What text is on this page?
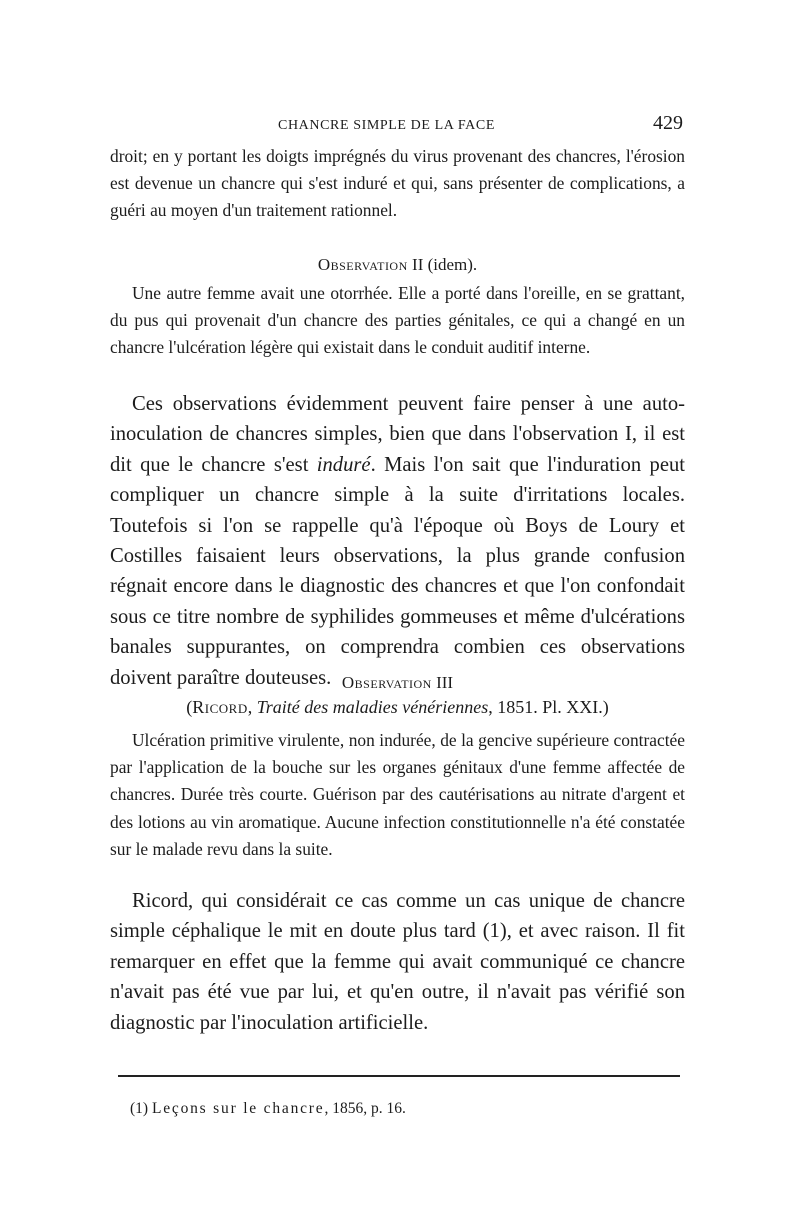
CHANCRE SIMPLE DE LA FACE	429

droit; en y portant les doigts imprégnés du virus provenant des chancres, l'érosion est devenue un chancre qui s'est induré et qui, sans présenter de complications, a guéri au moyen d'un traitement rationnel.

Observation II (idem).

Une autre femme avait une otorrhée. Elle a porté dans l'oreille, en se grattant, du pus qui provenait d'un chancre des parties génitales, ce qui a changé en un chancre l'ulcération légère qui existait dans le conduit auditif interne.

Ces observations évidemment peuvent faire penser à une auto-inoculation de chancres simples, bien que dans l'observation I, il est dit que le chancre s'est induré. Mais l'on sait que l'induration peut compliquer un chancre simple à la suite d'irritations locales. Toutefois si l'on se rappelle qu'à l'époque où Boys de Loury et Costilles faisaient leurs observations, la plus grande confusion régnait encore dans le diagnostic des chancres et que l'on confondait sous ce titre nombre de syphilides gommeuses et même d'ulcérations banales suppurantes, on comprendra combien ces observations doivent paraître douteuses. Observation III
(Ricord, Traité des maladies vénériennes, 1851. Pl. XXI.)

Ulcération primitive virulente, non indurée, de la gencive supérieure contractée par l'application de la bouche sur les organes génitaux d'une femme affectée de chancres. Durée très courte. Guérison par des cautérisations au nitrate d'argent et des lotions au vin aromatique. Aucune infection constitutionnelle n'a été constatée sur le malade revu dans la suite.

Ricord, qui considérait ce cas comme un cas unique de chancre simple céphalique le mit en doute plus tard (1), et avec raison. Il fit remarquer en effet que la femme qui avait communiqué ce chancre n'avait pas été vue par lui, et qu'en outre, il n'avait pas vérifié son diagnostic par l'inoculation artificielle.

(1) Leçons sur le chancre, 1856, p. 16.
